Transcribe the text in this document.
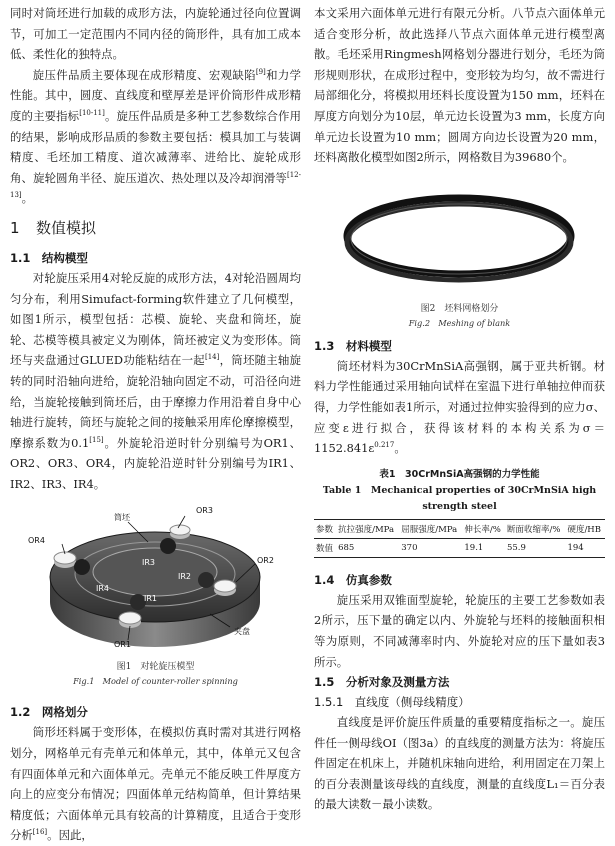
同时对筒坯进行加载的成形方法，内旋轮通过径向位置调节，可加工一定范围内不同内径的筒形件，具有加工成本低、柔性化的独特点。

旋压件品质主要体现在成形精度、宏观缺陷[9]和力学性能。其中，圆度、直线度和壁厚差是评价筒形件成形精度的主要指标[10-11]。旋压件品质是多种工艺参数综合作用的结果，影响成形品质的参数主要包括：模具加工与装调精度、毛坯加工精度、道次减薄率、进给比、旋轮成形角、旋轮圆角半径、旋压道次、热处理以及冷却润滑等[12-13]。

1 数值模拟
1.1　结构模型

对轮旋压采用4对轮反旋的成形方法，4对轮沿圆周均匀分布，利用Simufact-forming软件建立了几何模型，如图1所示，模型包括：芯模、旋轮、夹盘和筒坯，旋轮、芯模等模具被定义为刚体，筒坯被定义为变形体。筒坯与夹盘通过GLUED功能粘结在一起[14]，筒坯随主轴旋转的同时沿轴向进给，旋轮沿轴向固定不动，可沿径向进给，当旋轮接触到筒坯后，由于摩擦力作用沿着自身中心轴进行旋转，筒坯与旋轮之间的接触采用库伦摩擦模型，摩擦系数为0.1[15]。外旋轮沿逆时针分别编号为OR1、OR2、OR3、OR4，内旋轮沿逆时针分别编号为IR1、IR2、IR3、IR4。

筒坯
OR3
OR4
OR2
IR3
IR2
IR4
IR1
夹盘
OR1
图1　对轮旋压模型
Fig.1　Model of counter-roller spinning
1.2　网格划分

筒形坯料属于变形体，在模拟仿真时需对其进行网格划分，网格单元有壳单元和体单元，其中，体单元又包含有四面体单元和六面体单元。壳单元不能反映工件厚度方向上的应变分布情况；四面体单元结构简单，但计算结果精度低；六面体单元具有较高的计算精度，且适合于变形分析[16]。因此，

本文采用六面体单元进行有限元分析。八节点六面体单元适合变形分析，故此选择八节点六面体单元进行模型离散。毛坯采用Ringmesh网格划分器进行划分，毛坯为筒形规则形状，在成形过程中，变形较为均匀，故不需进行局部细化分，将模拟用坯料长度设置为150 mm，坯料在厚度方向划分为10层，单元边长设置为3 mm，长度方向单元边长设置为10 mm；圆周方向边长设置为20 mm，坯料离散化模型如图2所示，网格数目为39680个。

图2　坯料网格划分
Fig.2　Meshing of blank
1.3　材料模型

筒坯材料为30CrMnSiA高强钢，属于亚共析钢。材料力学性能通过采用轴向试样在室温下进行单轴拉伸而获得，力学性能如表1所示，对通过拉伸实验得到的应力σ、应变ε进行拟合，获得该材料的本构关系为$\sigma=1152.841\varepsilon^{0.217}$。

表1　30CrMnSiA高强钢的力学性能
Table 1　Mechanical properties of 30CrMnSiA high
strength steel
参数	抗拉强度/MPa	屈服强度/MPa	伸长率/%	断面收缩率/%	硬度/HB
数值	685	370	19.1	55.9	194
1.4　仿真参数

旋压采用双锥面型旋轮，轮旋压的主要工艺参数如表2所示，压下量的确定以内、外旋轮与坯料的接触面积相等为原则，不同减薄率时内、外旋轮对应的压下量如表3所示。

1.5　分析对象及测量方法
1.5.1　直线度（侧母线精度）

直线度是评价旋压件质量的重要精度指标之一。旋压件任一侧母线OI（图3a）的直线度的测量方法为：将旋压件固定在机床上，并随机床轴向进给，利用固定在刀架上的百分表测量该母线的直线度，测量的直线度L₁＝百分表的最大读数－最小读数。
